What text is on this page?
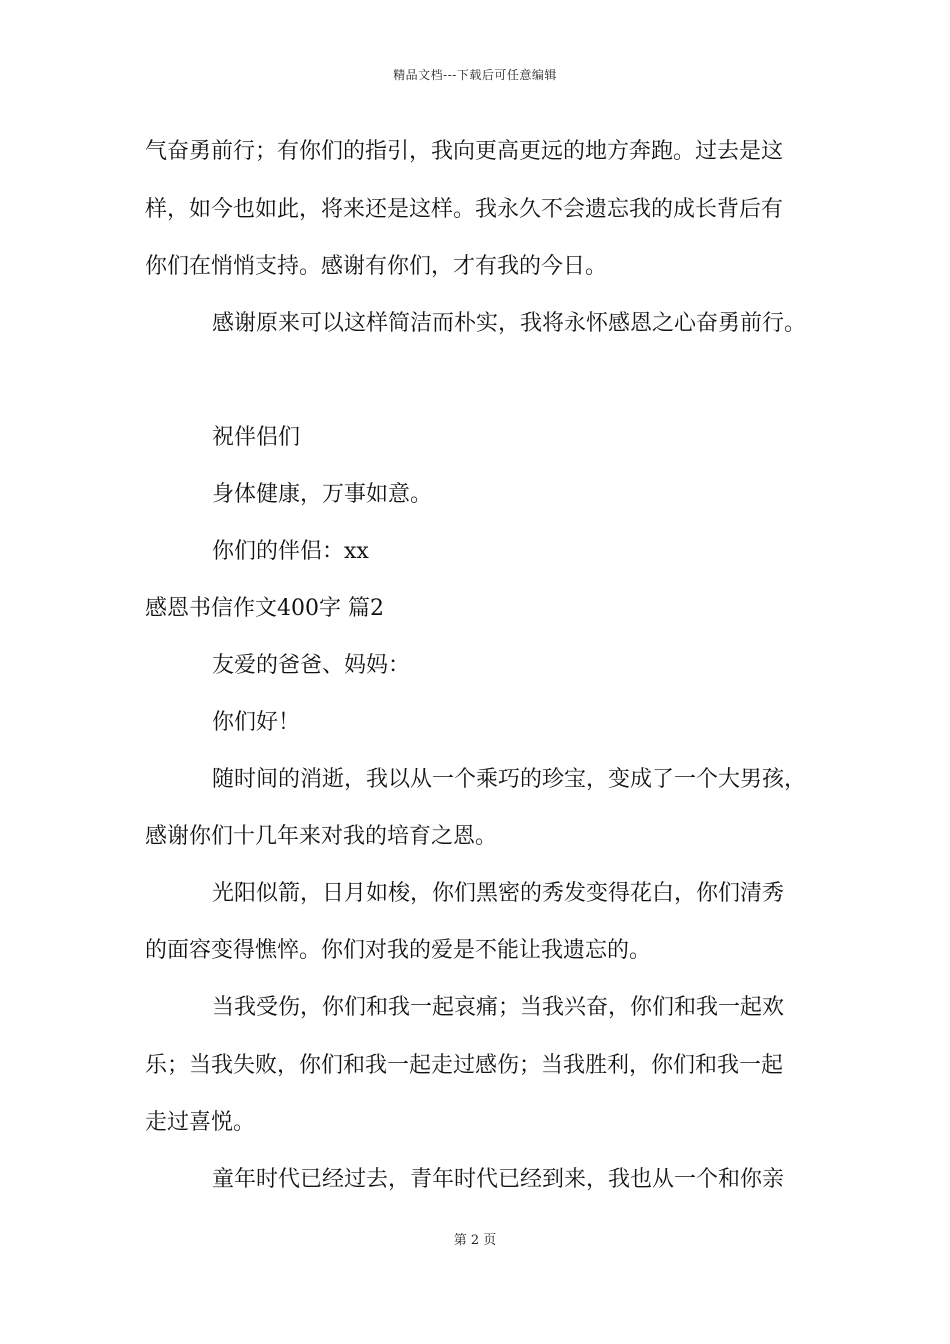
精品文档---下载后可任意编辑
气奋勇前行；有你们的指引，我向更高更远的地方奔跑。过去是这
样，如今也如此，将来还是这样。我永久不会遗忘我的成长背后有
你们在悄悄支持。感谢有你们，才有我的今日。
感谢原来可以这样简洁而朴实，我将永怀感恩之心奋勇前行。
祝伴侣们
身体健康，万事如意。
你们的伴侣：xx
感恩书信作文400字 篇2
友爱的爸爸、妈妈：
你们好！
随时间的消逝，我以从一个乘巧的珍宝，变成了一个大男孩，
感谢你们十几年来对我的培育之恩。
光阳似箭，日月如梭，你们黑密的秀发变得花白，你们清秀
的面容变得憔悴。你们对我的爱是不能让我遗忘的。
当我受伤，你们和我一起哀痛；当我兴奋，你们和我一起欢
乐；当我失败，你们和我一起走过感伤；当我胜利，你们和我一起
走过喜悦。
童年时代已经过去，青年时代已经到来，我也从一个和你亲
第 2 页
